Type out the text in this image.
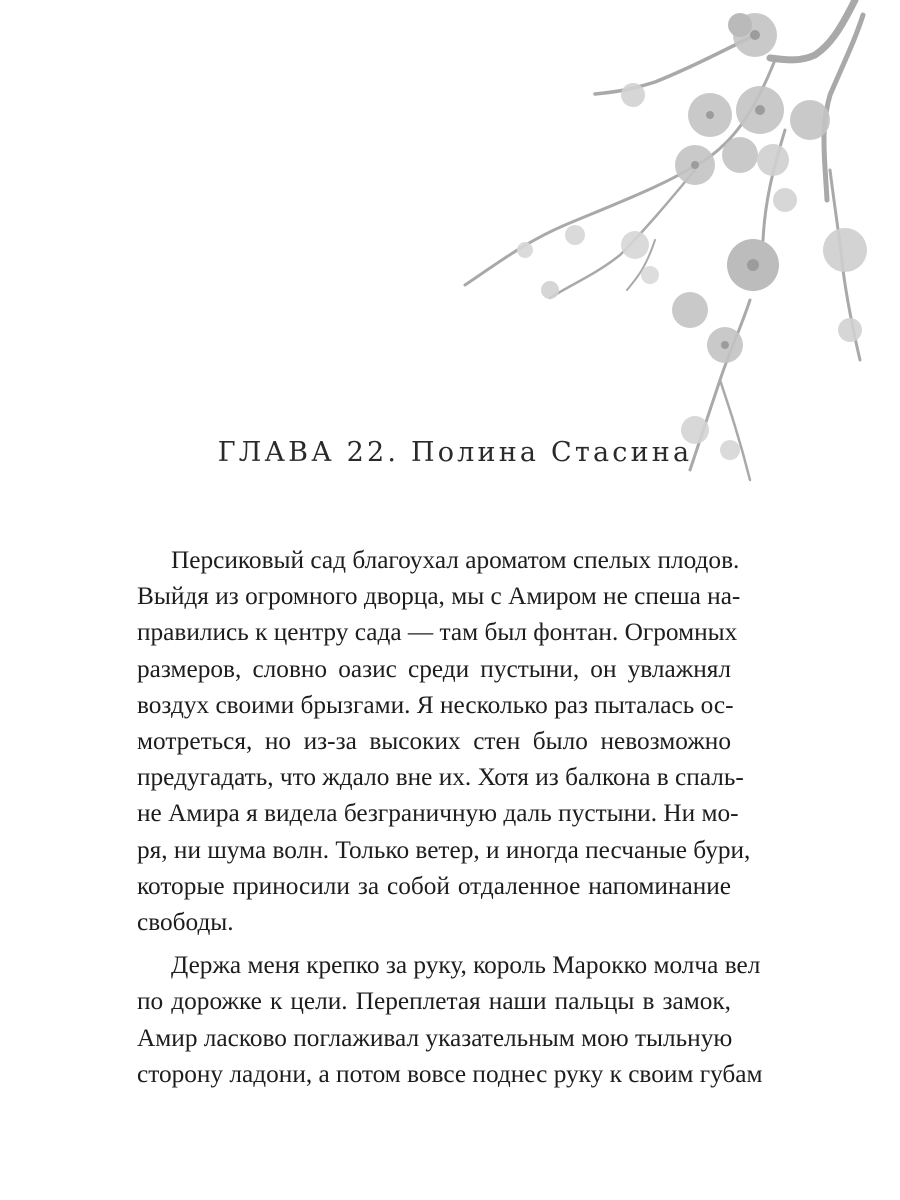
ГЛАВА 22. Полина Стасина
Персиковый сад благоухал ароматом спелых плодов.
Выйдя из огромного дворца, мы с Амиром не спеша на-
правились к центру сада — там был фонтан. Огромных
размеров, словно оазис среди пустыни, он увлажнял
воздух своими брызгами. Я несколько раз пыталась ос-
мотреться, но из-за высоких стен было невозможно
предугадать, что ждало вне их. Хотя из балкона в спаль-
не Амира я видела безграничную даль пустыни. Ни мо-
ря, ни шума волн. Только ветер, и иногда песчаные бури,
которые приносили за собой отдаленное напоминание
свободы.
Держа меня крепко за руку, король Марокко молча вел
по дорожке к цели. Переплетая наши пальцы в замок,
Амир ласково поглаживал указательным мою тыльную
сторону ладони, а потом вовсе поднес руку к своим губам
